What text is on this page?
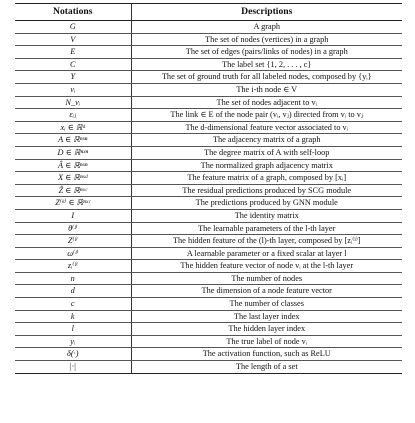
Notations	Descriptions
G	A graph
V	The set of nodes (vertices) in a graph
E	The set of edges (pairs/links of nodes) in a graph
C	The label set {1, 2, . . . , c}
Y	The set of ground truth for all labeled nodes, composed by {yᵢ}
vᵢ	The i-th node ∈ V
N_vᵢ	The set of nodes adjacent to vᵢ
εᵢⱼ	The link ∈ E of the node pair (vᵢ, vⱼ) directed from vᵢ to vⱼ
xᵢ ∈ ℝᵈ	The d-dimensional feature vector associated to vᵢ
A ∈ ℝⁿˣⁿ	The adjacency matrix of a graph
D ∈ ℝⁿˣⁿ	The degree matrix of A with self-loop
Â ∈ ℝⁿˣⁿ	The normalized graph adjacency matrix
X ∈ ℝⁿˣᵈ	The feature matrix of a graph, composed by [xᵢ]
Ẑ ∈ ℝⁿˣᶜ	The residual predictions produced by SCG module
Z⁽ᵏ⁾ ∈ ℝⁿˣᶜ	The predictions produced by GNN module
I	The identity matrix
θ⁽ˡ⁾	The learnable parameters of the l-th layer
Z⁽ˡ⁾	The hidden feature of the (l)-th layer, composed by [zᵢ⁽ˡ⁾]
ω⁽ˡ⁾	A learnable parameter or a fixed scalar at layer l
zᵢ⁽ˡ⁾	The hidden feature vector of node vᵢ at the l-th layer
n	The number of nodes
d	The dimension of a node feature vector
c	The number of classes
k	The last layer index
l	The hidden layer index
yᵢ	The true label of node vᵢ
δ(·)	The activation function, such as ReLU
|·|	The length of a set
